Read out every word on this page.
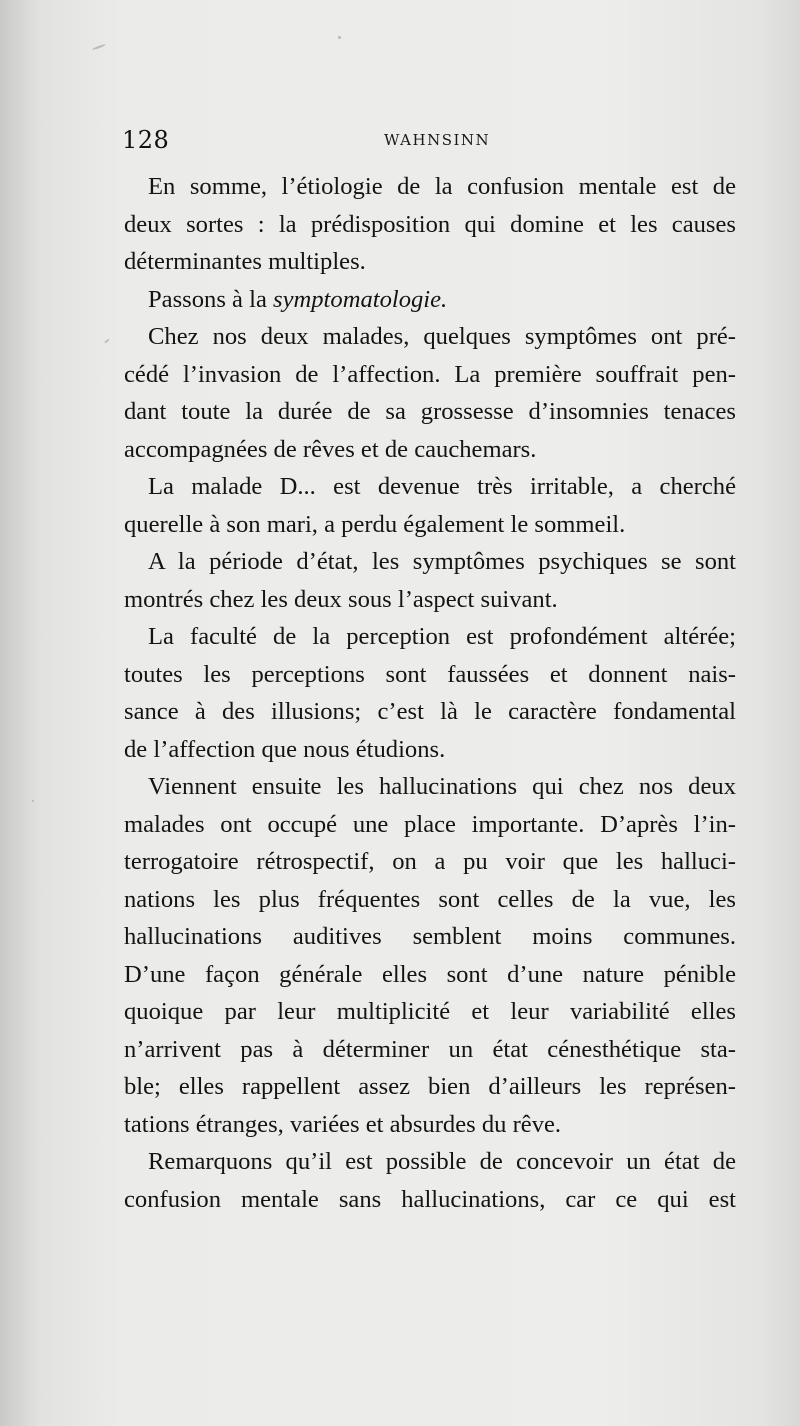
128	WAHNSINN
En somme, l’étiologie de la confusion mentale est de
deux sortes : la prédisposition qui domine et les causes
déterminantes multiples.
Passons à la symptomatologie.
Chez nos deux malades, quelques symptômes ont pré-
cédé l’invasion de l’affection. La première souffrait pen-
dant toute la durée de sa grossesse d’insomnies tenaces
accompagnées de rêves et de cauchemars.
La malade D... est devenue très irritable, a cherché
querelle à son mari, a perdu également le sommeil.
A la période d’état, les symptômes psychiques se sont
montrés chez les deux sous l’aspect suivant.
La faculté de la perception est profondément altérée;
toutes les perceptions sont faussées et donnent nais-
sance à des illusions; c’est là le caractère fondamental
de l’affection que nous étudions.
Viennent ensuite les hallucinations qui chez nos deux
malades ont occupé une place importante. D’après l’in-
terrogatoire rétrospectif, on a pu voir que les halluci-
nations les plus fréquentes sont celles de la vue, les
hallucinations auditives semblent moins communes.
D’une façon générale elles sont d’une nature pénible
quoique par leur multiplicité et leur variabilité elles
n’arrivent pas à déterminer un état cénesthétique sta-
ble; elles rappellent assez bien d’ailleurs les représen-
tations étranges, variées et absurdes du rêve.
Remarquons qu’il est possible de concevoir un état de
confusion mentale sans hallucinations, car ce qui est
